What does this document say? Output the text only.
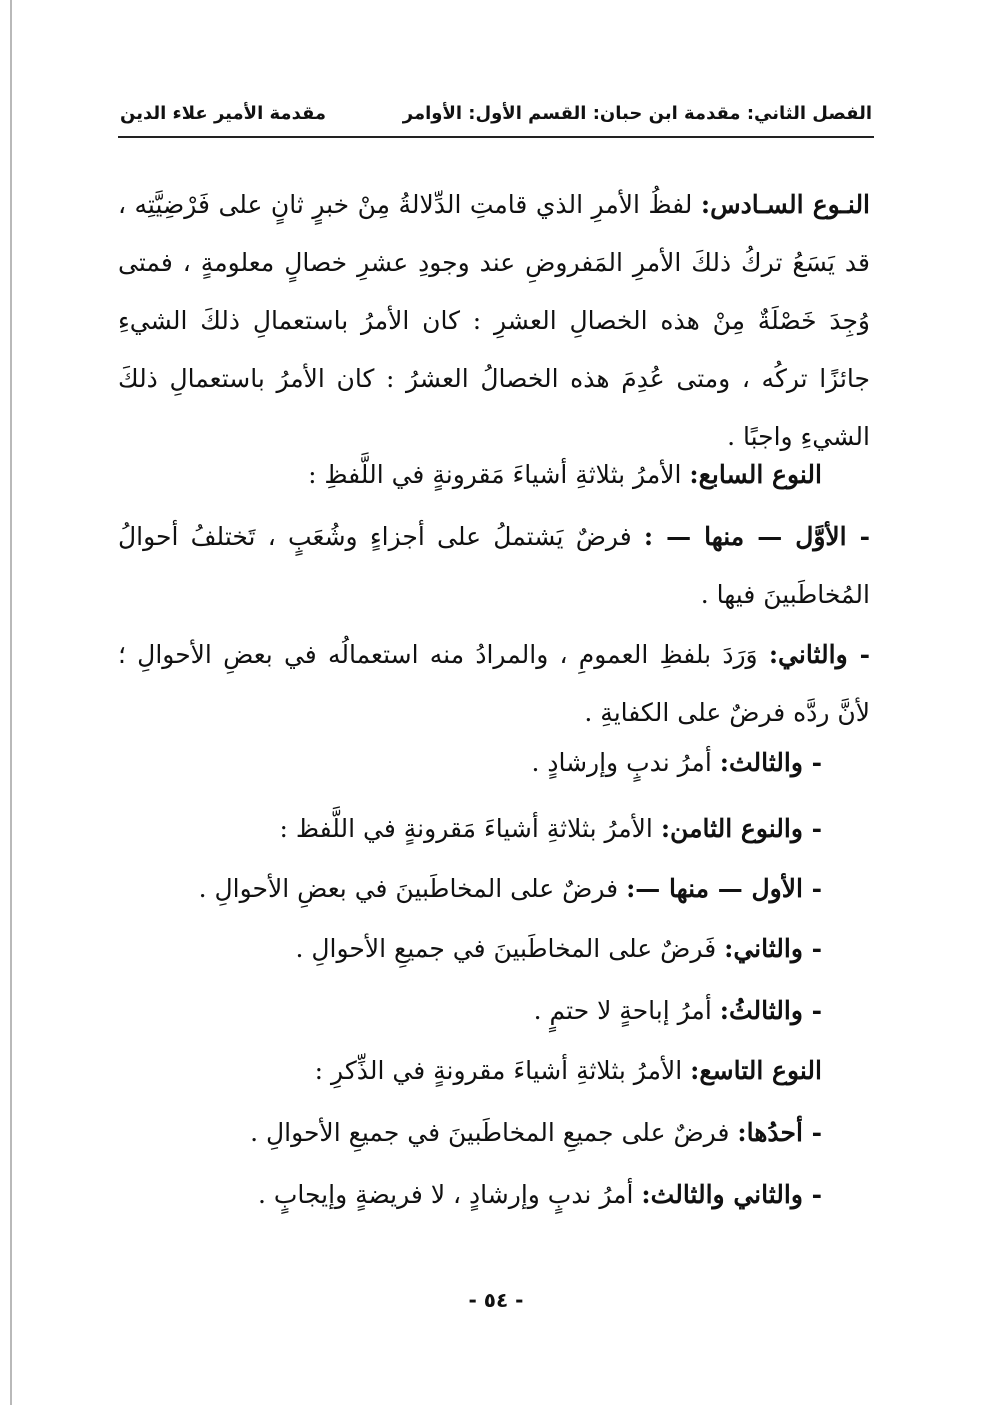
الفصل الثاني: مقدمة ابن حبان: القسم الأول: الأوامر
مقدمة الأمير علاء الدين

النـوع السـادس: لفظُ الأمرِ الذي قامتِ الدِّلالةُ مِنْ خبرٍ ثانٍ على فَرْضِيَّتِه ، قد يَسَعُ تركُ ذلكَ الأمرِ المَفروضِ عند وجودِ عشرِ خصالٍ معلومةٍ ، فمتى وُجِدَ خَصْلَةٌ مِنْ هذه الخصالِ العشرِ : كان الأمرُ باستعمالِ ذلكَ الشيءِ جائزًا تركُه ، ومتى عُدِمَ هذه الخصالُ العشرُ : كان الأمرُ باستعمالِ ذلكَ الشيءِ واجبًا .

النوع السابع: الأمرُ بثلاثةِ أشياءَ مَقرونةٍ في اللَّفظِ :

- الأوَّل — منها — : فرضٌ يَشتملُ على أجزاءٍ وشُعَبٍ ، تَختلفُ أحوالُ المُخاطَبينَ فيها .

- والثاني: وَرَدَ بلفظِ العمومِ ، والمرادُ منه استعمالُه في بعضِ الأحوالِ ؛ لأنَّ ردَّه فرضٌ على الكفايةِ .

- والثالث: أمرُ ندبٍ وإرشادٍ .

- والنوع الثامن: الأمرُ بثلاثةِ أشياءَ مَقرونةٍ في اللَّفظ :

- الأول — منها —: فرضٌ على المخاطَبينَ في بعضِ الأحوالِ .

- والثاني: فَرضٌ على المخاطَبينَ في جميعِ الأحوالِ .

- والثالثُ: أمرُ إباحةٍ لا حتمٍ .

النوع التاسع: الأمرُ بثلاثةِ أشياءَ مقرونةٍ في الذِّكرِ :

- أحدُها: فرضٌ على جميعِ المخاطَبينَ في جميعِ الأحوالِ .

- والثاني والثالث: أمرُ ندبٍ وإرشادٍ ، لا فريضةٍ وإيجابٍ .

- ٥٤ -
